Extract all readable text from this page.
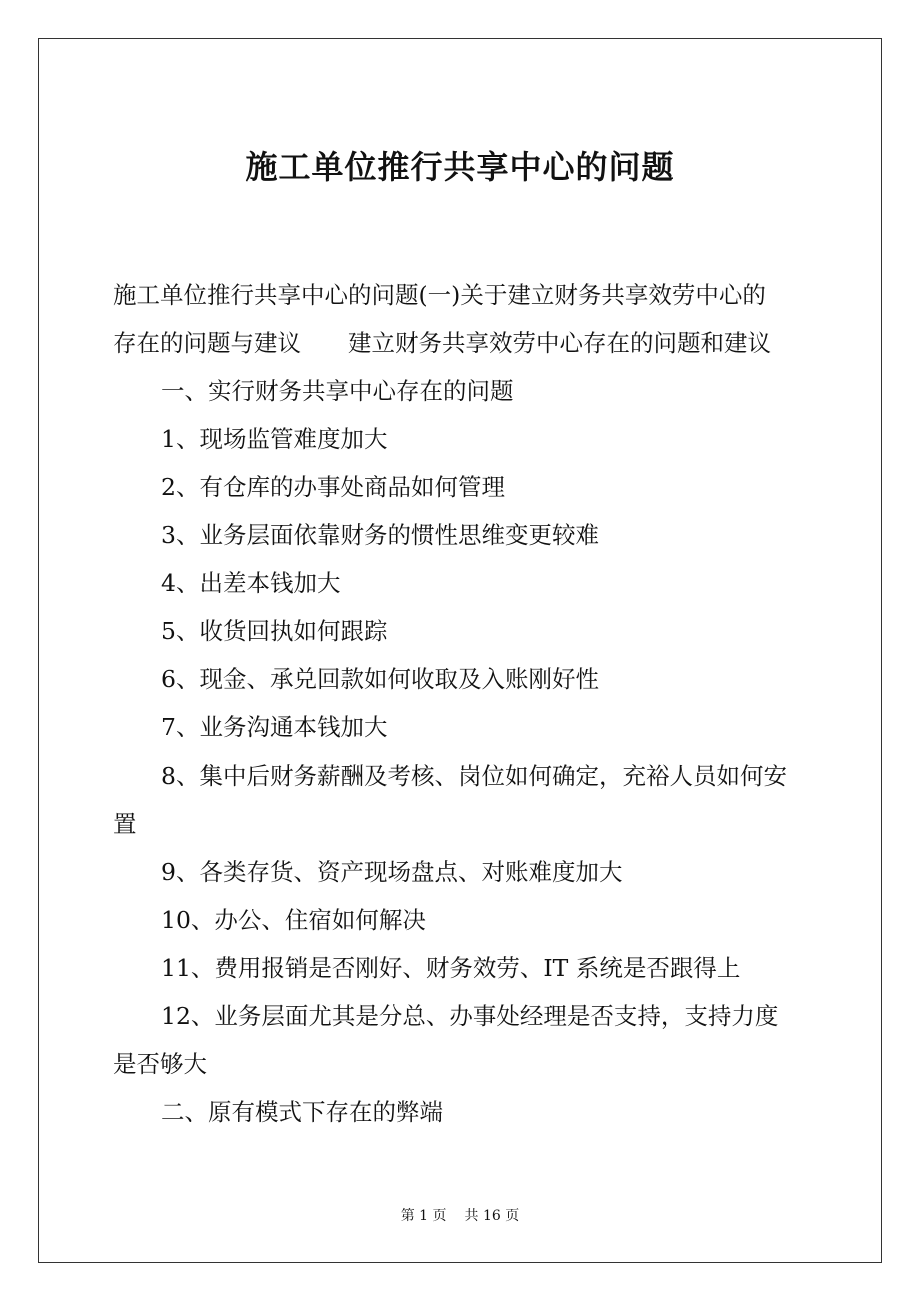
施工单位推行共享中心的问题

施工单位推行共享中心的问题(一)关于建立财务共享效劳中心的

存在的问题与建议　　建立财务共享效劳中心存在的问题和建议

一、实行财务共享中心存在的问题

1、现场监管难度加大

2、有仓库的办事处商品如何管理

3、业务层面依靠财务的惯性思维变更较难

4、出差本钱加大

5、收货回执如何跟踪

6、现金、承兑回款如何收取及入账刚好性

7、业务沟通本钱加大

8、集中后财务薪酬及考核、岗位如何确定，充裕人员如何安

置

9、各类存货、资产现场盘点、对账难度加大

10、办公、住宿如何解决

11、费用报销是否刚好、财务效劳、IT 系统是否跟得上

12、业务层面尤其是分总、办事处经理是否支持，支持力度

是否够大

二、原有模式下存在的弊端

第 1 页 共 16 页
